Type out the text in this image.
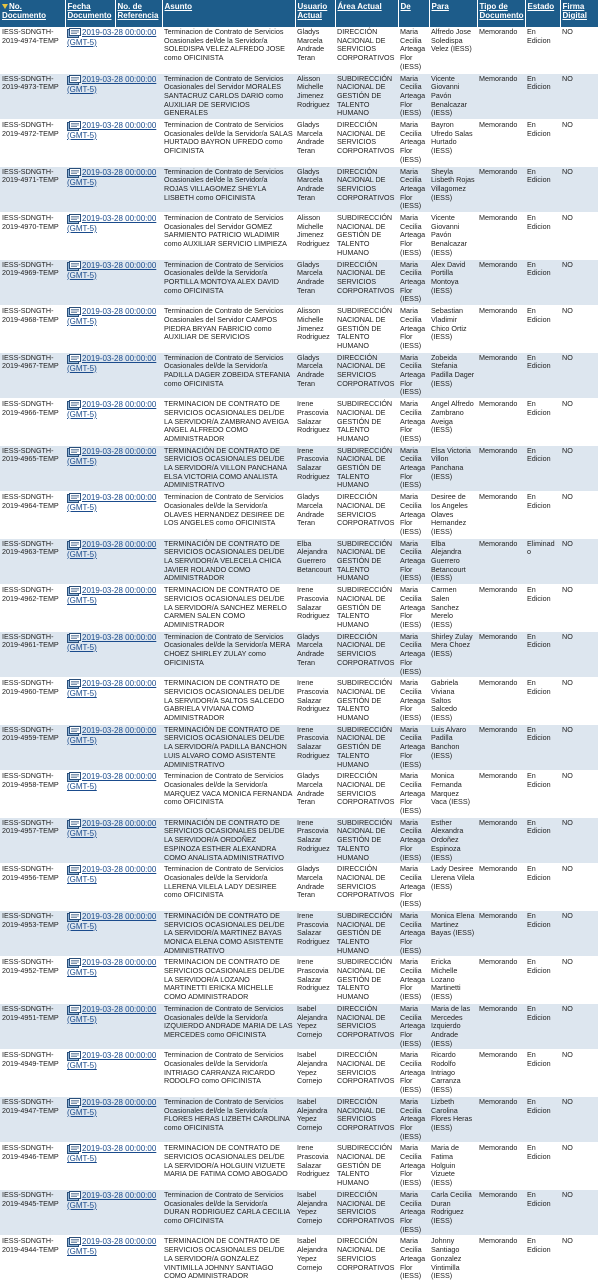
No. Documento	Fecha Documento	No. de Referencia	Asunto	Usuario Actual	Área Actual	De	Para	Tipo de Documento	Estado	Firma Digital

IESS-SDNGTH-2019-4974-TEMP	2019-03-28 00:00:00
(GMT-5)		Terminacion de Contrato de Servicios Ocasionales del/de la Servidor/a SOLEDISPA VELEZ ALFREDO JOSE como OFICINISTA	Gladys Marcela Andrade Teran	DIRECCIÓN NACIONAL DE SERVICIOS CORPORATIVOS	Maria Cecilia Arteaga Flor (IESS)	Alfredo Jose Soledispa Velez (IESS)	Memorando	En Edicion	NO

IESS-SDNGTH-2019-4973-TEMP	2019-03-28 00:00:00
(GMT-5)		Terminacion de Contrato de Servicios Ocasionales del Servidor MORALES SANTACRUZ CARLOS DARIO como AUXILIAR DE SERVICIOS GENERALES	Alisson Michelle Jimenez Rodriguez	SUBDIRECCIÓN NACIONAL DE GESTIÓN DE TALENTO HUMANO	Maria Cecilia Arteaga Flor (IESS)	Vicente Giovanni Pavón Benalcazar (IESS)	Memorando	En Edicion	NO

IESS-SDNGTH-2019-4972-TEMP	2019-03-28 00:00:00
(GMT-5)		Terminacion de Contrato de Servicios Ocasionales del/de la Servidor/a SALAS HURTADO BAYRON UFREDO como OFICINISTA	Gladys Marcela Andrade Teran	DIRECCIÓN NACIONAL DE SERVICIOS CORPORATIVOS	Maria Cecilia Arteaga Flor (IESS)	Bayron Ufredo Salas Hurtado (IESS)	Memorando	En Edicion	NO

IESS-SDNGTH-2019-4971-TEMP	2019-03-28 00:00:00
(GMT-5)		Terminacion de Contrato de Servicios Ocasionales del/de la Servidor/a ROJAS VILLAGOMEZ SHEYLA LISBETH como OFICINISTA	Gladys Marcela Andrade Teran	DIRECCIÓN NACIONAL DE SERVICIOS CORPORATIVOS	Maria Cecilia Arteaga Flor (IESS)	Sheyla Lisbeth Rojas Villagomez (IESS)	Memorando	En Edicion	NO

IESS-SDNGTH-2019-4970-TEMP	2019-03-28 00:00:00
(GMT-5)		Terminacion de Contrato de Servicios Ocasionales del Servidor GOMEZ SARMIENTO PATRICIO WLADIMIR como AUXILIAR SERVICIO LIMPIEZA	Alisson Michelle Jimenez Rodriguez	SUBDIRECCIÓN NACIONAL DE GESTIÓN DE TALENTO HUMANO	Maria Cecilia Arteaga Flor (IESS)	Vicente Giovanni Pavón Benalcazar (IESS)	Memorando	En Edicion	NO

IESS-SDNGTH-2019-4969-TEMP	2019-03-28 00:00:00
(GMT-5)		Terminacion de Contrato de Servicios Ocasionales del/de la Servidor/a PORTILLA MONTOYA ALEX DAVID como OFICINISTA	Gladys Marcela Andrade Teran	DIRECCIÓN NACIONAL DE SERVICIOS CORPORATIVOS	Maria Cecilia Arteaga Flor (IESS)	Alex David Portilla Montoya (IESS)	Memorando	En Edicion	NO

IESS-SDNGTH-2019-4968-TEMP	2019-03-28 00:00:00
(GMT-5)		Terminacion de Contrato de Servicios Ocasionales del Servidor CAMPOS PIEDRA BRYAN FABRICIO como AUXILIAR DE SERVICIOS	Alisson Michelle Jimenez Rodriguez	SUBDIRECCIÓN NACIONAL DE GESTIÓN DE TALENTO HUMANO	Maria Cecilia Arteaga Flor (IESS)	Sebastian Vladimir Chico Ortiz (IESS)	Memorando	En Edicion	NO

IESS-SDNGTH-2019-4967-TEMP	2019-03-28 00:00:00
(GMT-5)		Terminacion de Contrato de Servicios Ocasionales del/de la Servidor/a PADILLA DAGER ZOBEIDA STEFANIA como OFICINISTA	Gladys Marcela Andrade Teran	DIRECCIÓN NACIONAL DE SERVICIOS CORPORATIVOS	Maria Cecilia Arteaga Flor (IESS)	Zobeida Stefania Padilla Dager (IESS)	Memorando	En Edicion	NO

IESS-SDNGTH-2019-4966-TEMP	2019-03-28 00:00:00
(GMT-5)		TERMINACION DE CONTRATO DE SERVICIOS OCASIONALES DEL/DE LA SERVIDOR/A ZAMBRANO AVEIGA ANGEL ALFREDO COMO ADMINISTRADOR	Irene Prascovia Salazar Rodriguez	SUBDIRECCIÓN NACIONAL DE GESTIÓN DE TALENTO HUMANO	Maria Cecilia Arteaga Flor (IESS)	Angel Alfredo Zambrano Aveiga (IESS)	Memorando	En Edicion	NO

IESS-SDNGTH-2019-4965-TEMP	2019-03-28 00:00:00
(GMT-5)		TERMINACIÓN DE CONTRATO DE SERVICIOS OCASIONALES DEL/DE LA SERVIDOR/A VILLON PANCHANA ELSA VICTORIA COMO ANALISTA ADMINISTRATIVO	Irene Prascovia Salazar Rodriguez	SUBDIRECCIÓN NACIONAL DE GESTIÓN DE TALENTO HUMANO	Maria Cecilia Arteaga Flor (IESS)	Elsa Victoria Villon Panchana (IESS)	Memorando	En Edicion	NO

IESS-SDNGTH-2019-4964-TEMP	2019-03-28 00:00:00
(GMT-5)		Terminacion de Contrato de Servicios Ocasionales del/de la Servidor/a OLAVES HERNANDEZ DESIREE DE LOS ANGELES como OFICINISTA	Gladys Marcela Andrade Teran	DIRECCIÓN NACIONAL DE SERVICIOS CORPORATIVOS	Maria Cecilia Arteaga Flor (IESS)	Desiree de los Angeles Olaves Hernandez (IESS)	Memorando	En Edicion	NO

IESS-SDNGTH-2019-4963-TEMP	2019-03-28 00:00:00
(GMT-5)		TERMINACIÓN DE CONTRATO DE SERVICIOS OCASIONALES DEL/DE LA SERVIDOR/A VELECELA CHICA JAVIER ROLANDO COMO ADMINISTRADOR	Elba Alejandra Guerrero Betancourt	SUBDIRECCIÓN NACIONAL DE GESTIÓN DE TALENTO HUMANO	Maria Cecilia Arteaga Flor (IESS)	Elba Alejandra Guerrero Betancourt (IESS)	Memorando	Eliminado	NO

IESS-SDNGTH-2019-4962-TEMP	2019-03-28 00:00:00
(GMT-5)		TERMINACION DE CONTRATO DE SERVICIOS OCASIONALES DEL/DE LA SERVIDOR/A SANCHEZ MERELO CARMEN SALEN COMO ADMINISTRADOR	Irene Prascovia Salazar Rodriguez	SUBDIRECCIÓN NACIONAL DE GESTIÓN DE TALENTO HUMANO	Maria Cecilia Arteaga Flor (IESS)	Carmen Salen Sanchez Merelo (IESS)	Memorando	En Edicion	NO

IESS-SDNGTH-2019-4961-TEMP	2019-03-28 00:00:00
(GMT-5)		Terminacion de Contrato de Servicios Ocasionales del/de la Servidor/a MERA CHOEZ SHIRLEY ZULAY como OFICINISTA	Gladys Marcela Andrade Teran	DIRECCIÓN NACIONAL DE SERVICIOS CORPORATIVOS	Maria Cecilia Arteaga Flor (IESS)	Shirley Zulay Mera Choez (IESS)	Memorando	En Edicion	NO

IESS-SDNGTH-2019-4960-TEMP	2019-03-28 00:00:00
(GMT-5)		TERMINACION DE CONTRATO DE SERVICIOS OCASIONALES DEL/DE LA SERVIDOR/A SALTOS SALCEDO GABRIELA VIVIANA COMO ADMINISTRADOR	Irene Prascovia Salazar Rodriguez	SUBDIRECCIÓN NACIONAL DE GESTIÓN DE TALENTO HUMANO	Maria Cecilia Arteaga Flor (IESS)	Gabriela Viviana Saltos Salcedo (IESS)	Memorando	En Edicion	NO

IESS-SDNGTH-2019-4959-TEMP	2019-03-28 00:00:00
(GMT-5)		TERMINACIÓN DE CONTRATO DE SERVICIOS OCASIONALES DEL/DE LA SERVIDOR/A PADILLA BANCHON LUIS ALVARO COMO ASISTENTE ADMINISTRATIVO	Irene Prascovia Salazar Rodriguez	SUBDIRECCIÓN NACIONAL DE GESTIÓN DE TALENTO HUMANO	Maria Cecilia Arteaga Flor (IESS)	Luis Alvaro Padilla Banchon (IESS)	Memorando	En Edicion	NO

IESS-SDNGTH-2019-4958-TEMP	2019-03-28 00:00:00
(GMT-5)		Terminacion de Contrato de Servicios Ocasionales del/de la Servidor/a MARQUEZ VACA MONICA FERNANDA como OFICINISTA	Gladys Marcela Andrade Teran	DIRECCIÓN NACIONAL DE SERVICIOS CORPORATIVOS	Maria Cecilia Arteaga Flor (IESS)	Monica Fernanda Marquez Vaca (IESS)	Memorando	En Edicion	NO

IESS-SDNGTH-2019-4957-TEMP	2019-03-28 00:00:00
(GMT-5)		TERMINACIÓN DE CONTRATO DE SERVICIOS OCASIONALES DEL/DE LA SERVIDOR/A ORDOÑEZ ESPINOZA ESTHER ALEXANDRA COMO ANALISTA ADMINISTRATIVO	Irene Prascovia Salazar Rodriguez	SUBDIRECCIÓN NACIONAL DE GESTIÓN DE TALENTO HUMANO	Maria Cecilia Arteaga Flor (IESS)	Esther Alexandra Ordoñez Espinoza (IESS)	Memorando	En Edicion	NO

IESS-SDNGTH-2019-4956-TEMP	2019-03-28 00:00:00
(GMT-5)		Terminacion de Contrato de Servicios Ocasionales del/de la Servidor/a LLERENA VILELA LADY DESIREE como OFICINISTA	Gladys Marcela Andrade Teran	DIRECCIÓN NACIONAL DE SERVICIOS CORPORATIVOS	Maria Cecilia Arteaga Flor (IESS)	Lady Desiree Llerena Vilela (IESS)	Memorando	En Edicion	NO

IESS-SDNGTH-2019-4953-TEMP	2019-03-28 00:00:00
(GMT-5)		TERMINACIÓN DE CONTRATO DE SERVICIOS OCASIONALES DEL/DE LA SERVIDOR/A MARTINEZ BAYAS MONICA ELENA COMO ASISTENTE ADMINISTRATIVO	Irene Prascovia Salazar Rodriguez	SUBDIRECCIÓN NACIONAL DE GESTIÓN DE TALENTO HUMANO	Maria Cecilia Arteaga Flor (IESS)	Monica Elena Martinez Bayas (IESS)	Memorando	En Edicion	NO

IESS-SDNGTH-2019-4952-TEMP	2019-03-28 00:00:00
(GMT-5)		TERMINACION DE CONTRATO DE SERVICIOS OCASIONALES DEL/DE LA SERVIDOR/A LOZANO MARTINETTI ERICKA MICHELLE COMO ADMINISTRADOR	Irene Prascovia Salazar Rodriguez	SUBDIRECCIÓN NACIONAL DE GESTIÓN DE TALENTO HUMANO	Maria Cecilia Arteaga Flor (IESS)	Ericka Michelle Lozano Martinetti (IESS)	Memorando	En Edicion	NO

IESS-SDNGTH-2019-4951-TEMP	2019-03-28 00:00:00
(GMT-5)		Terminacion de Contrato de Servicios Ocasionales del/de la Servidor/a IZQUIERDO ANDRADE MARIA DE LAS MERCEDES como OFICINISTA	Isabel Alejandra Yepez Cornejo	DIRECCIÓN NACIONAL DE SERVICIOS CORPORATIVOS	Maria Cecilia Arteaga Flor (IESS)	Maria de las Mercedes Izquierdo Andrade (IESS)	Memorando	En Edicion	NO

IESS-SDNGTH-2019-4949-TEMP	2019-03-28 00:00:00
(GMT-5)		Terminacion de Contrato de Servicios Ocasionales del/de la Servidor/a INTRIAGO CARRANZA RICARDO RODOLFO como OFICINISTA	Isabel Alejandra Yepez Cornejo	DIRECCIÓN NACIONAL DE SERVICIOS CORPORATIVOS	Maria Cecilia Arteaga Flor (IESS)	Ricardo Rodolfo Intriago Carranza (IESS)	Memorando	En Edicion	NO

IESS-SDNGTH-2019-4947-TEMP	2019-03-28 00:00:00
(GMT-5)		Terminacion de Contrato de Servicios Ocasionales del/de la Servidor/a FLORES HERAS LIZBETH CAROLINA como OFICINISTA	Isabel Alejandra Yepez Cornejo	DIRECCIÓN NACIONAL DE SERVICIOS CORPORATIVOS	Maria Cecilia Arteaga Flor (IESS)	Lizbeth Carolina Flores Heras (IESS)	Memorando	En Edicion	NO

IESS-SDNGTH-2019-4946-TEMP	2019-03-28 00:00:00
(GMT-5)		TERMINACION DE CONTRATO DE SERVICIOS OCASIONALES DEL/DE LA SERVIDOR/A HOLGUIN VIZUETE MARIA DE FATIMA COMO ABOGADO	Irene Prascovia Salazar Rodriguez	SUBDIRECCIÓN NACIONAL DE GESTIÓN DE TALENTO HUMANO	Maria Cecilia Arteaga Flor (IESS)	Maria de Fatima Holguin Vizuete (IESS)	Memorando	En Edicion	NO

IESS-SDNGTH-2019-4945-TEMP	2019-03-28 00:00:00
(GMT-5)		Terminacion de Contrato de Servicios Ocasionales del/de la Servidor/a DURAN RODRIGUEZ CARLA CECILIA como OFICINISTA	Isabel Alejandra Yepez Cornejo	DIRECCIÓN NACIONAL DE SERVICIOS CORPORATIVOS	Maria Cecilia Arteaga Flor (IESS)	Carla Cecilia Duran Rodriguez (IESS)	Memorando	En Edicion	NO

IESS-SDNGTH-2019-4944-TEMP	2019-03-28 00:00:00
(GMT-5)		TERMINACION DE CONTRATO DE SERVICIOS OCASIONALES DEL/DE LA SERVIDOR/A GONZALEZ VINTIMILLA JOHNNY SANTIAGO COMO ADMINISTRADOR	Isabel Alejandra Yepez Cornejo	DIRECCIÓN NACIONAL DE SERVICIOS CORPORATIVOS	Maria Cecilia Arteaga Flor (IESS)	Johnny Santiago Gonzalez Vintimilla (IESS)	Memorando	En Edicion	NO
